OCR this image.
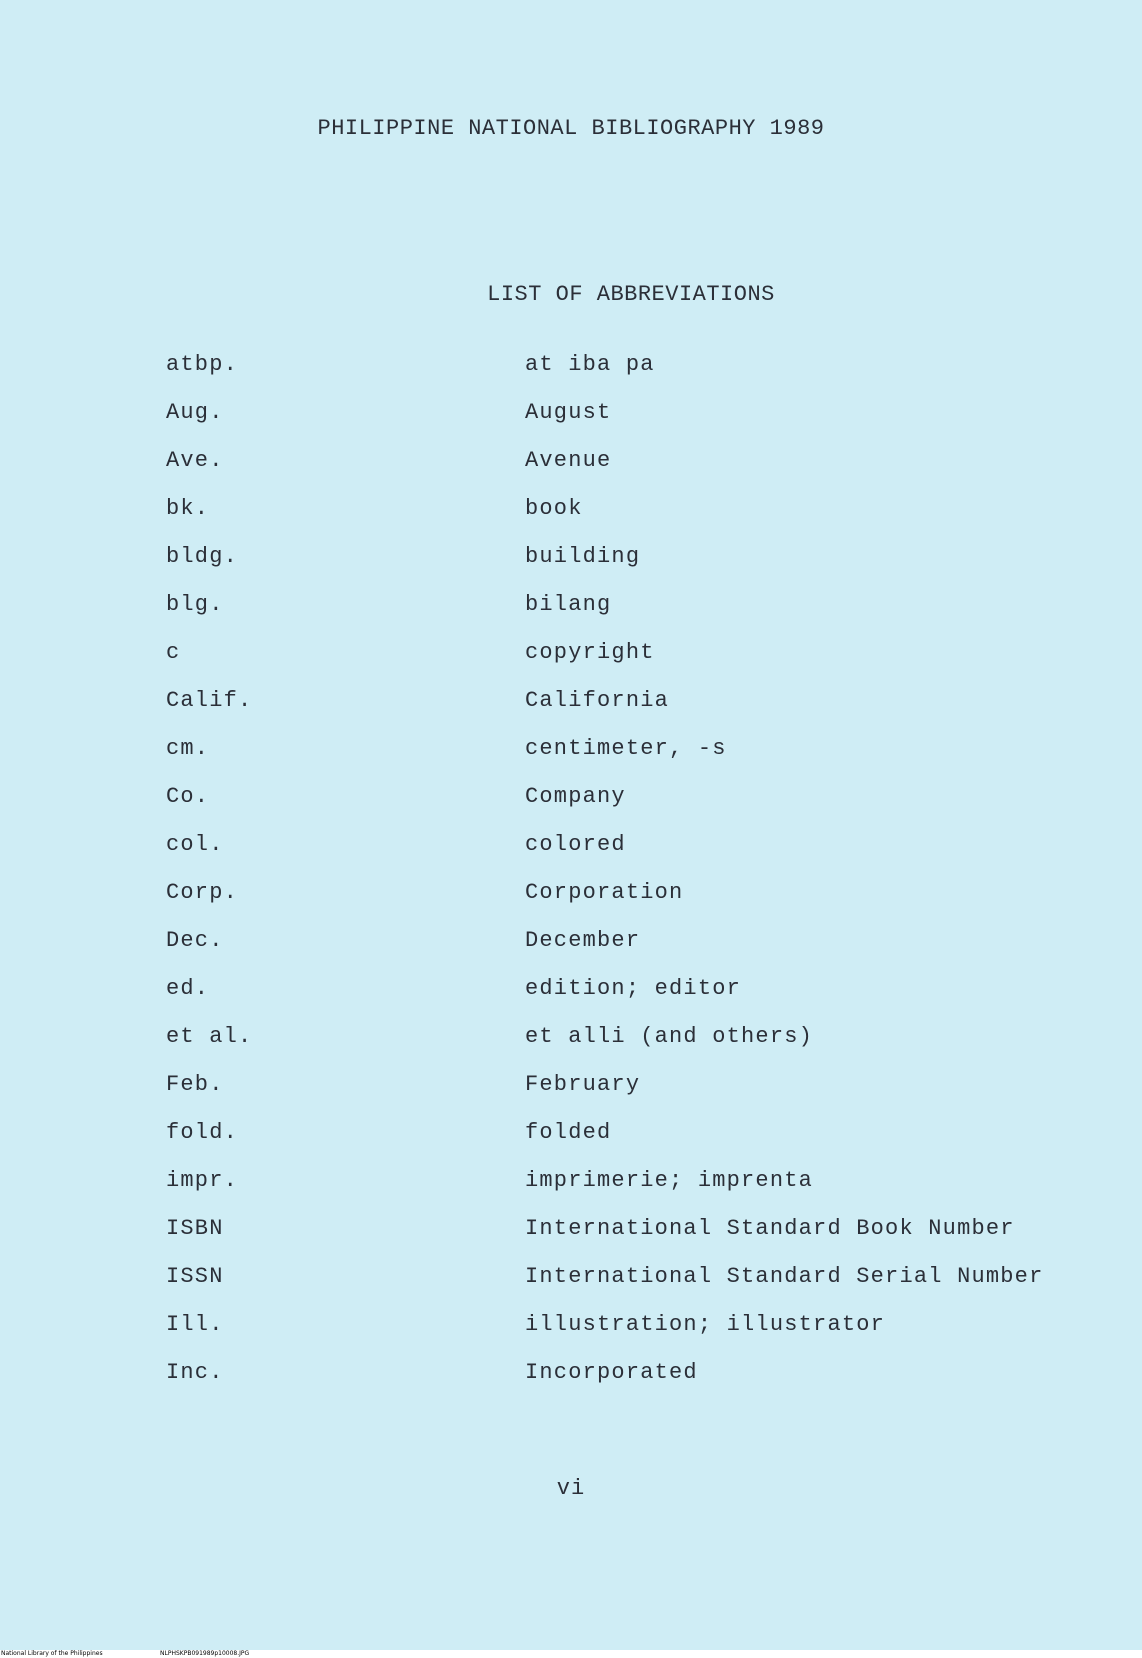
PHILIPPINE NATIONAL BIBLIOGRAPHY 1989
LIST OF ABBREVIATIONS
atbp.	at iba pa
Aug.	August
Ave.	Avenue
bk.	book
bldg.	building
blg.	bilang
c	copyright
Calif.	California
cm.	centimeter, -s
Co.	Company
col.	colored
Corp.	Corporation
Dec.	December
ed.	edition; editor
et al.	et alli (and others)
Feb.	February
fold.	folded
impr.	imprimerie; imprenta
ISBN	International Standard Book Number
ISSN	International Standard Serial Number
Ill.	illustration; illustrator
Inc.	Incorporated
vi
National Library of the Philippines	NLPHSKPB091989p10008.JPG
